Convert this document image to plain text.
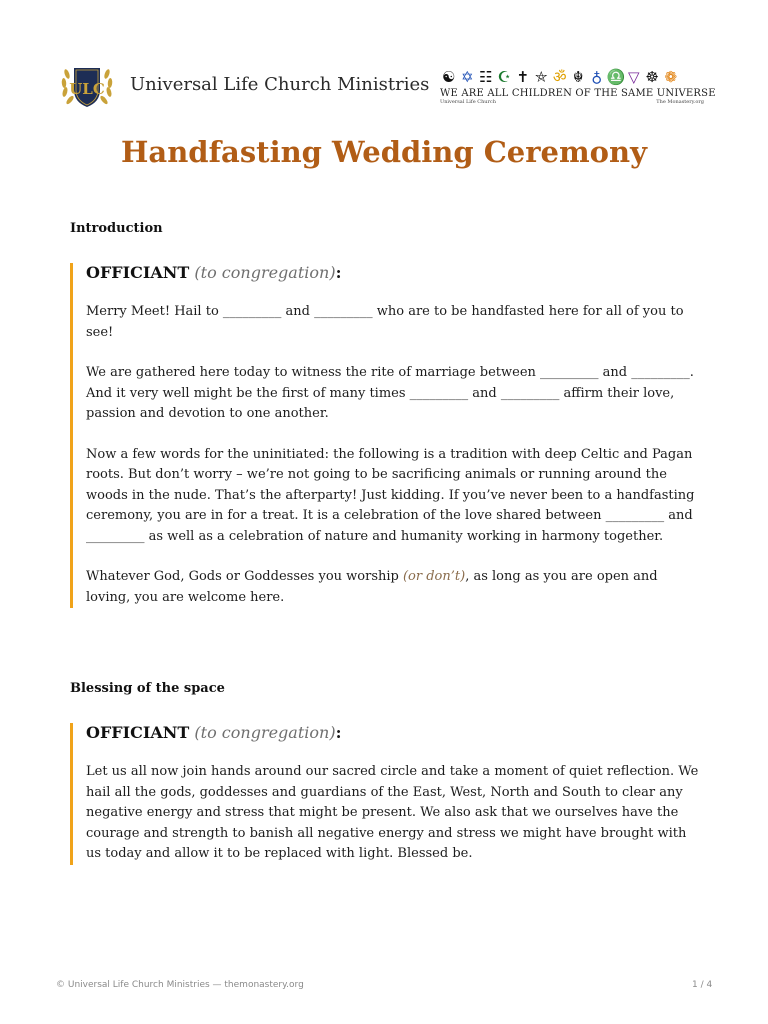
ULC Universal Life Church Ministries ☯ ✡ ☷ ☪ ✝ ⛤ ॐ ☬ ♁ ♎ ▽ ☸ ❁
WE ARE ALL CHILDREN OF THE SAME UNIVERSE
Universal Life Church	The Monastery.org
Handfasting Wedding Ceremony
Introduction
OFFICIANT (to congregation):

Merry Meet! Hail to _________ and _________ who are to be handfasted here for all of you to see!

We are gathered here today to witness the rite of marriage between _________ and _________. And it very well might be the first of many times _________ and _________ affirm their love, passion and devotion to one another.

Now a few words for the uninitiated: the following is a tradition with deep Celtic and Pagan roots. But don’t worry – we’re not going to be sacrificing animals or running around the woods in the nude. That’s the afterparty! Just kidding. If you’ve never been to a handfasting ceremony, you are in for a treat. It is a celebration of the love shared between _________ and _________ as well as a celebration of nature and humanity working in harmony together.

Whatever God, Gods or Goddesses you worship (or don’t), as long as you are open and loving, you are welcome here.

Blessing of the space
OFFICIANT (to congregation):

Let us all now join hands around our sacred circle and take a moment of quiet reflection. We hail all the gods, goddesses and guardians of the East, West, North and South to clear any negative energy and stress that might be present. We also ask that we ourselves have the courage and strength to banish all negative energy and stress we might have brought with us today and allow it to be replaced with light. Blessed be.

© Universal Life Church Ministries — themonastery.org	1 / 4
